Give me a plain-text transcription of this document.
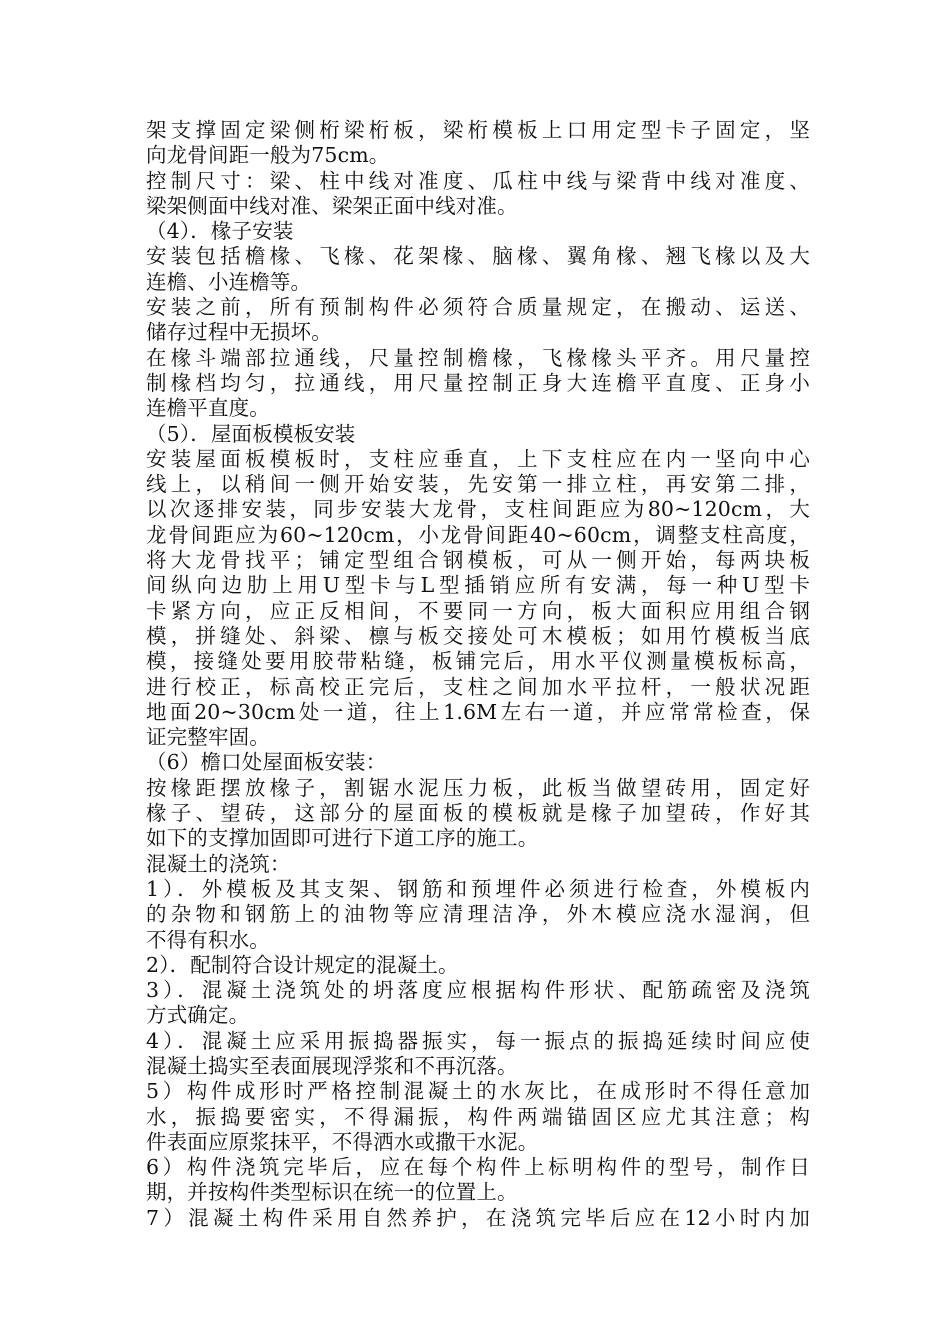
架支撑固定梁侧桁梁桁板，梁桁模板上口用定型卡子固定，坚
向龙骨间距一般为75cm。
控制尺寸：梁、柱中线对准度、瓜柱中线与梁背中线对准度、
梁架侧面中线对准、梁架正面中线对准。
（4）．椽子安装
安装包括檐椽、飞椽、花架椽、脑椽、翼角椽、翘飞椽以及大
连檐、小连檐等。
安装之前，所有预制构件必须符合质量规定，在搬动、运送、
储存过程中无损坏。
在椽斗端部拉通线，尺量控制檐椽，飞椽椽头平齐。用尺量控
制椽档均匀，拉通线，用尺量控制正身大连檐平直度、正身小
连檐平直度。
（5）．屋面板模板安装
安装屋面板模板时，支柱应垂直，上下支柱应在内一坚向中心
线上，以稍间一侧开始安装，先安第一排立柱，再安第二排，
以次逐排安装，同步安装大龙骨，支柱间距应为80~120cm，大
龙骨间距应为60~120cm，小龙骨间距40~60cm，调整支柱高度，
将大龙骨找平；铺定型组合钢模板，可从一侧开始，每两块板
间纵向边肋上用U型卡与L型插销应所有安满，每一种U型卡
卡紧方向，应正反相间，不要同一方向，板大面积应用组合钢
模，拼缝处、斜梁、檩与板交接处可木模板；如用竹模板当底
模，接缝处要用胶带粘缝，板铺完后，用水平仪测量模板标高，
进行校正，标高校正完后，支柱之间加水平拉杆，一般状况距
地面20~30cm处一道，往上1.6M左右一道，并应常常检查，保
证完整牢固。
（6）檐口处屋面板安装：
按椽距摆放椽子，割锯水泥压力板，此板当做望砖用，固定好
椽子、望砖，这部分的屋面板的模板就是椽子加望砖，作好其
如下的支撑加固即可进行下道工序的施工。
混凝土的浇筑：
1）．外模板及其支架、钢筋和预埋件必须进行检查，外模板内
的杂物和钢筋上的油物等应清理洁净，外木模应浇水湿润，但
不得有积水。
2）．配制符合设计规定的混凝土。
3）．混凝土浇筑处的坍落度应根据构件形状、配筋疏密及浇筑
方式确定。
4）．混凝土应采用振捣器振实，每一振点的振捣延续时间应使
混凝土捣实至表面展现浮浆和不再沉落。
5）构件成形时严格控制混凝土的水灰比，在成形时不得任意加
水，振捣要密实，不得漏振，构件两端锚固区应尤其注意；构
件表面应原浆抹平，不得洒水或撒干水泥。
6）构件浇筑完毕后，应在每个构件上标明构件的型号，制作日
期，并按构件类型标识在统一的位置上。
7）混凝土构件采用自然养护，在浇筑完毕后应在12小时内加
